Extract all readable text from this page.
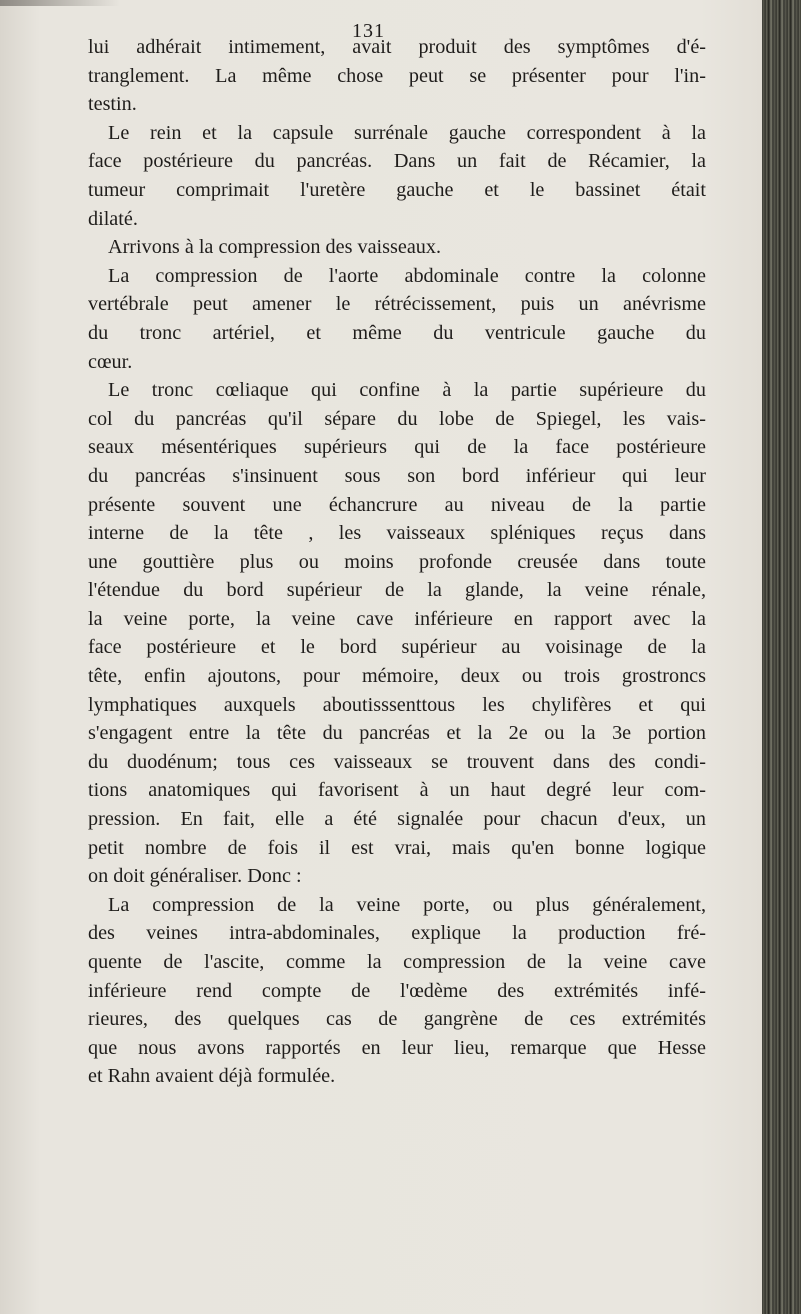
131
lui adhérait intimement, avait produit des symptômes d'é-
tranglement. La même chose peut se présenter pour l'in-
testin.
Le rein et la capsule surrénale gauche correspondent à la
face postérieure du pancréas. Dans un fait de Récamier, la
tumeur comprimait l'uretère gauche et le bassinet était
dilaté.
Arrivons à la compression des vaisseaux.
La compression de l'aorte abdominale contre la colonne
vertébrale peut amener le rétrécissement, puis un anévrisme
du tronc artériel, et même du ventricule gauche du
cœur.
Le tronc cœliaque qui confine à la partie supérieure du
col du pancréas qu'il sépare du lobe de Spiegel, les vais-
seaux mésentériques supérieurs qui de la face postérieure
du pancréas s'insinuent sous son bord inférieur qui leur
présente souvent une échancrure au niveau de la partie
interne de la tête , les vaisseaux spléniques reçus dans
une gouttière plus ou moins profonde creusée dans toute
l'étendue du bord supérieur de la glande, la veine rénale,
la veine porte, la veine cave inférieure en rapport avec la
face postérieure et le bord supérieur au voisinage de la
tête, enfin ajoutons, pour mémoire, deux ou trois grostroncs
lymphatiques auxquels aboutisssenttous les chylifères et qui
s'engagent entre la tête du pancréas et la 2e ou la 3e portion
du duodénum; tous ces vaisseaux se trouvent dans des condi-
tions anatomiques qui favorisent à un haut degré leur com-
pression. En fait, elle a été signalée pour chacun d'eux, un
petit nombre de fois il est vrai, mais qu'en bonne logique
on doit généraliser. Donc :
La compression de la veine porte, ou plus généralement,
des veines intra-abdominales, explique la production fré-
quente de l'ascite, comme la compression de la veine cave
inférieure rend compte de l'œdème des extrémités infé-
rieures, des quelques cas de gangrène de ces extrémités
que nous avons rapportés en leur lieu, remarque que Hesse
et Rahn avaient déjà formulée.
